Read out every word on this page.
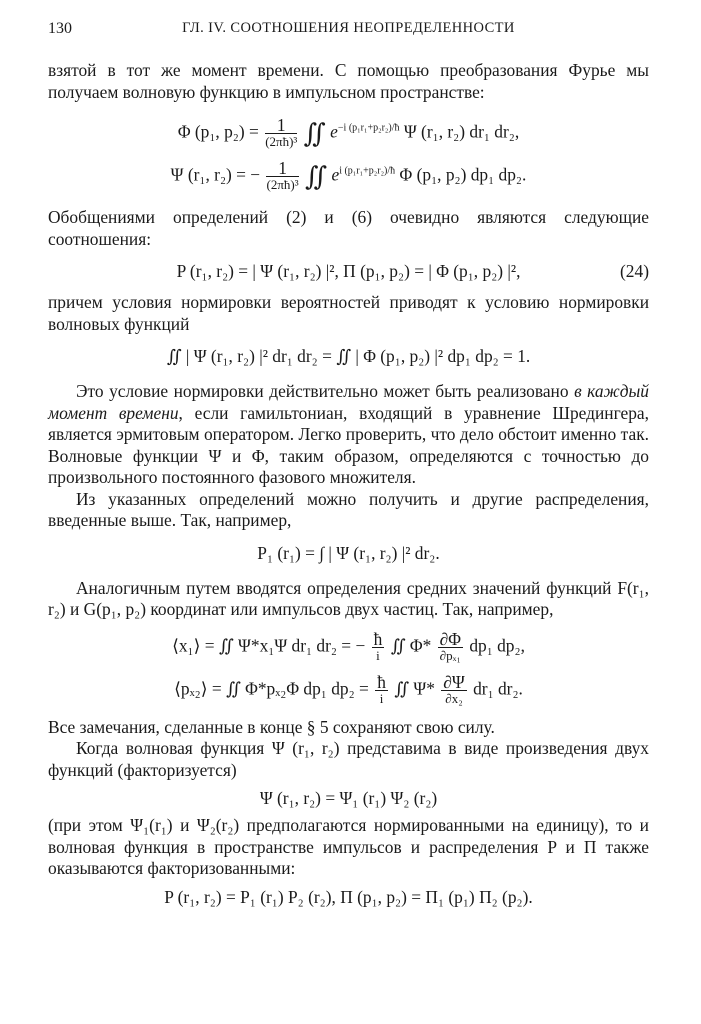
130	ГЛ. IV. СООТНОШЕНИЯ НЕОПРЕДЕЛЕННОСТИ

взятой в тот же момент времени. С помощью преобразования Фурье мы получаем волновую функцию в импульсном пространстве:

Φ (p₁, $p_2) = \frac{1}{\text{(2πħ)³}}$ ∬ $e^{-i (p_1r_1+p_2r_2)/ħ}$ Ψ (r₁, r₂) dr₁ dr₂,
Ψ (r₁, r₂) = − $\frac{1}{\text{(2πħ)³}}$ ∬ $e^{i (p_1r_1+p_2r_2)/ħ}$ Φ (p₁, p₂) dp₁ dp₂.

Обобщениями определений (2) и (6) очевидно являются следующие соотношения:

P (r₁, r₂) = | Ψ (r₁, r₂) |², Π (p₁, p₂) = | Φ (p₁, p₂) |²,	(24)

причем условия нормировки вероятностей приводят к условию нормировки волновых функций

∬ | Ψ (r₁, r₂) |² dr₁ dr₂ = ∬ | Φ (p₁, p₂) |² dp₁ dp₂ = 1.

Это условие нормировки действительно может быть реализовано в каждый момент времени, если гамильтониан, входящий в уравнение Шредингера, является эрмитовым оператором. Легко проверить, что дело обстоит именно так. Волновые функции Ψ и Φ, таким образом, определяются с точностью до произвольного постоянного фазового множителя.

Из указанных определений можно получить и другие распределения, введенные выше. Так, например,

P₁ (r₁) = ∫ | Ψ (r₁, r₂) |² dr₂.

Аналогичным путем вводятся определения средних значений функций F(r₁, r₂) и G(p₁, p₂) координат или импульсов двух частиц. Так, например,

⟨x₁⟩ = ∬ Ψ*x₁Ψ dr₁ dr₂ = − $\frac{ħ}{i}$ ∬ $\Phi* \frac{\partial\Phi}{\text{∂pₓ₁}} dp_1$ dp₂,
⟨pₓ₂⟩ = ∬ Φ*pₓ₂Φ dp₁ $dp_2 = \frac{ħ}{i}$ ∬ $\Psi* \frac{\partial\Psi}{\text{∂x₂}} dr_1$ dr₂.

Все замечания, сделанные в конце § 5 сохраняют свою силу.

Когда волновая функция Ψ (r₁, r₂) представима в виде произведения двух функций (факторизуется)

Ψ (r₁, r₂) = Ψ₁ (r₁) Ψ₂ (r₂)

(при этом Ψ₁(r₁) и Ψ₂(r₂) предполагаются нормированными на единицу), то и волновая функция в пространстве импульсов и распределения P и Π также оказываются факторизованными:

P (r₁, r₂) = P₁ (r₁) P₂ (r₂), Π (p₁, p₂) = Π₁ (p₁) Π₂ (p₂).
